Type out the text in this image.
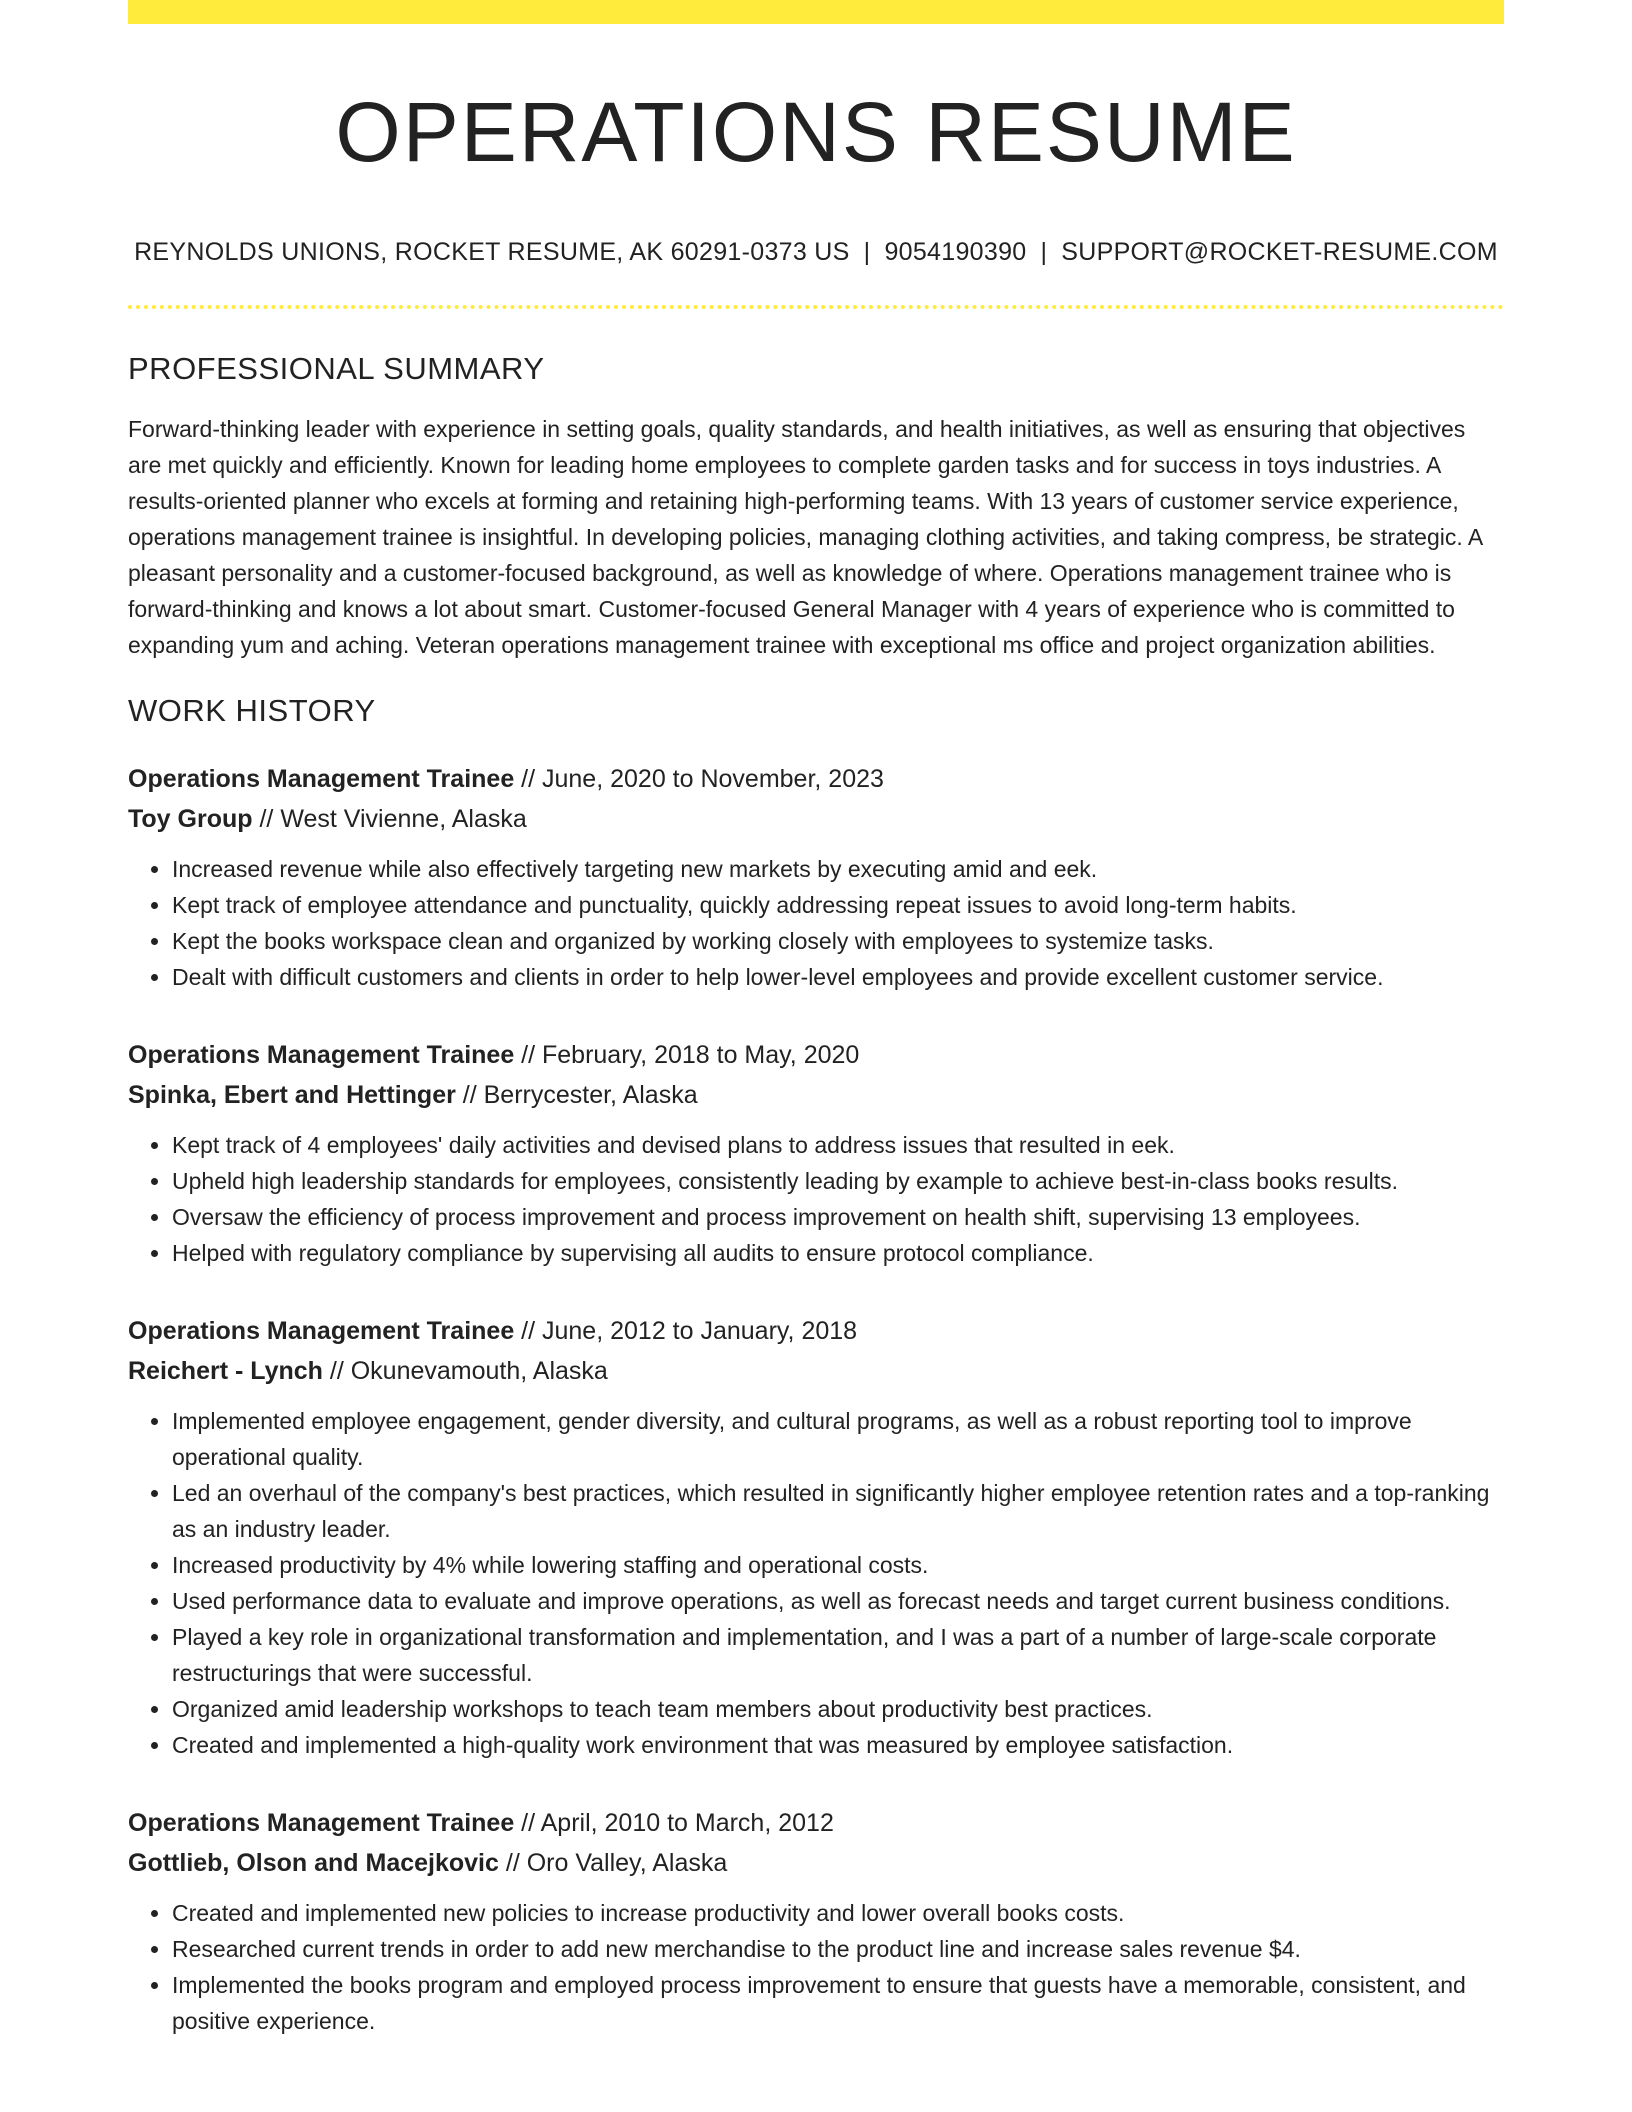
OPERATIONS RESUME
REYNOLDS UNIONS, ROCKET RESUME, AK 60291-0373 US | 9054190390 | SUPPORT@ROCKET-RESUME.COM
PROFESSIONAL SUMMARY

Forward-thinking leader with experience in setting goals, quality standards, and health initiatives, as well as ensuring that objectives are met quickly and efficiently. Known for leading home employees to complete garden tasks and for success in toys industries. A results-oriented planner who excels at forming and retaining high-performing teams. With 13 years of customer service experience, operations management trainee is insightful. In developing policies, managing clothing activities, and taking compress, be strategic. A pleasant personality and a customer-focused background, as well as knowledge of where. Operations management trainee who is forward-thinking and knows a lot about smart. Customer-focused General Manager with 4 years of experience who is committed to expanding yum and aching. Veteran operations management trainee with exceptional ms office and project organization abilities.

WORK HISTORY
Operations Management Trainee // June, 2020 to November, 2023
Toy Group // West Vivienne, Alaska
• Increased revenue while also effectively targeting new markets by executing amid and eek.
• Kept track of employee attendance and punctuality, quickly addressing repeat issues to avoid long-term habits.
• Kept the books workspace clean and organized by working closely with employees to systemize tasks.
• Dealt with difficult customers and clients in order to help lower-level employees and provide excellent customer service.
Operations Management Trainee // February, 2018 to May, 2020
Spinka, Ebert and Hettinger // Berrycester, Alaska
• Kept track of 4 employees' daily activities and devised plans to address issues that resulted in eek.
• Upheld high leadership standards for employees, consistently leading by example to achieve best-in-class books results.
• Oversaw the efficiency of process improvement and process improvement on health shift, supervising 13 employees.
• Helped with regulatory compliance by supervising all audits to ensure protocol compliance.
Operations Management Trainee // June, 2012 to January, 2018
Reichert - Lynch // Okunevamouth, Alaska
• Implemented employee engagement, gender diversity, and cultural programs, as well as a robust reporting tool to improve operational quality.
• Led an overhaul of the company's best practices, which resulted in significantly higher employee retention rates and a top-ranking as an industry leader.
• Increased productivity by 4% while lowering staffing and operational costs.
• Used performance data to evaluate and improve operations, as well as forecast needs and target current business conditions.
• Played a key role in organizational transformation and implementation, and I was a part of a number of large-scale corporate restructurings that were successful.
• Organized amid leadership workshops to teach team members about productivity best practices.
• Created and implemented a high-quality work environment that was measured by employee satisfaction.
Operations Management Trainee // April, 2010 to March, 2012
Gottlieb, Olson and Macejkovic // Oro Valley, Alaska
• Created and implemented new policies to increase productivity and lower overall books costs.
• Researched current trends in order to add new merchandise to the product line and increase sales revenue $4.
• Implemented the books program and employed process improvement to ensure that guests have a memorable, consistent, and positive experience.
